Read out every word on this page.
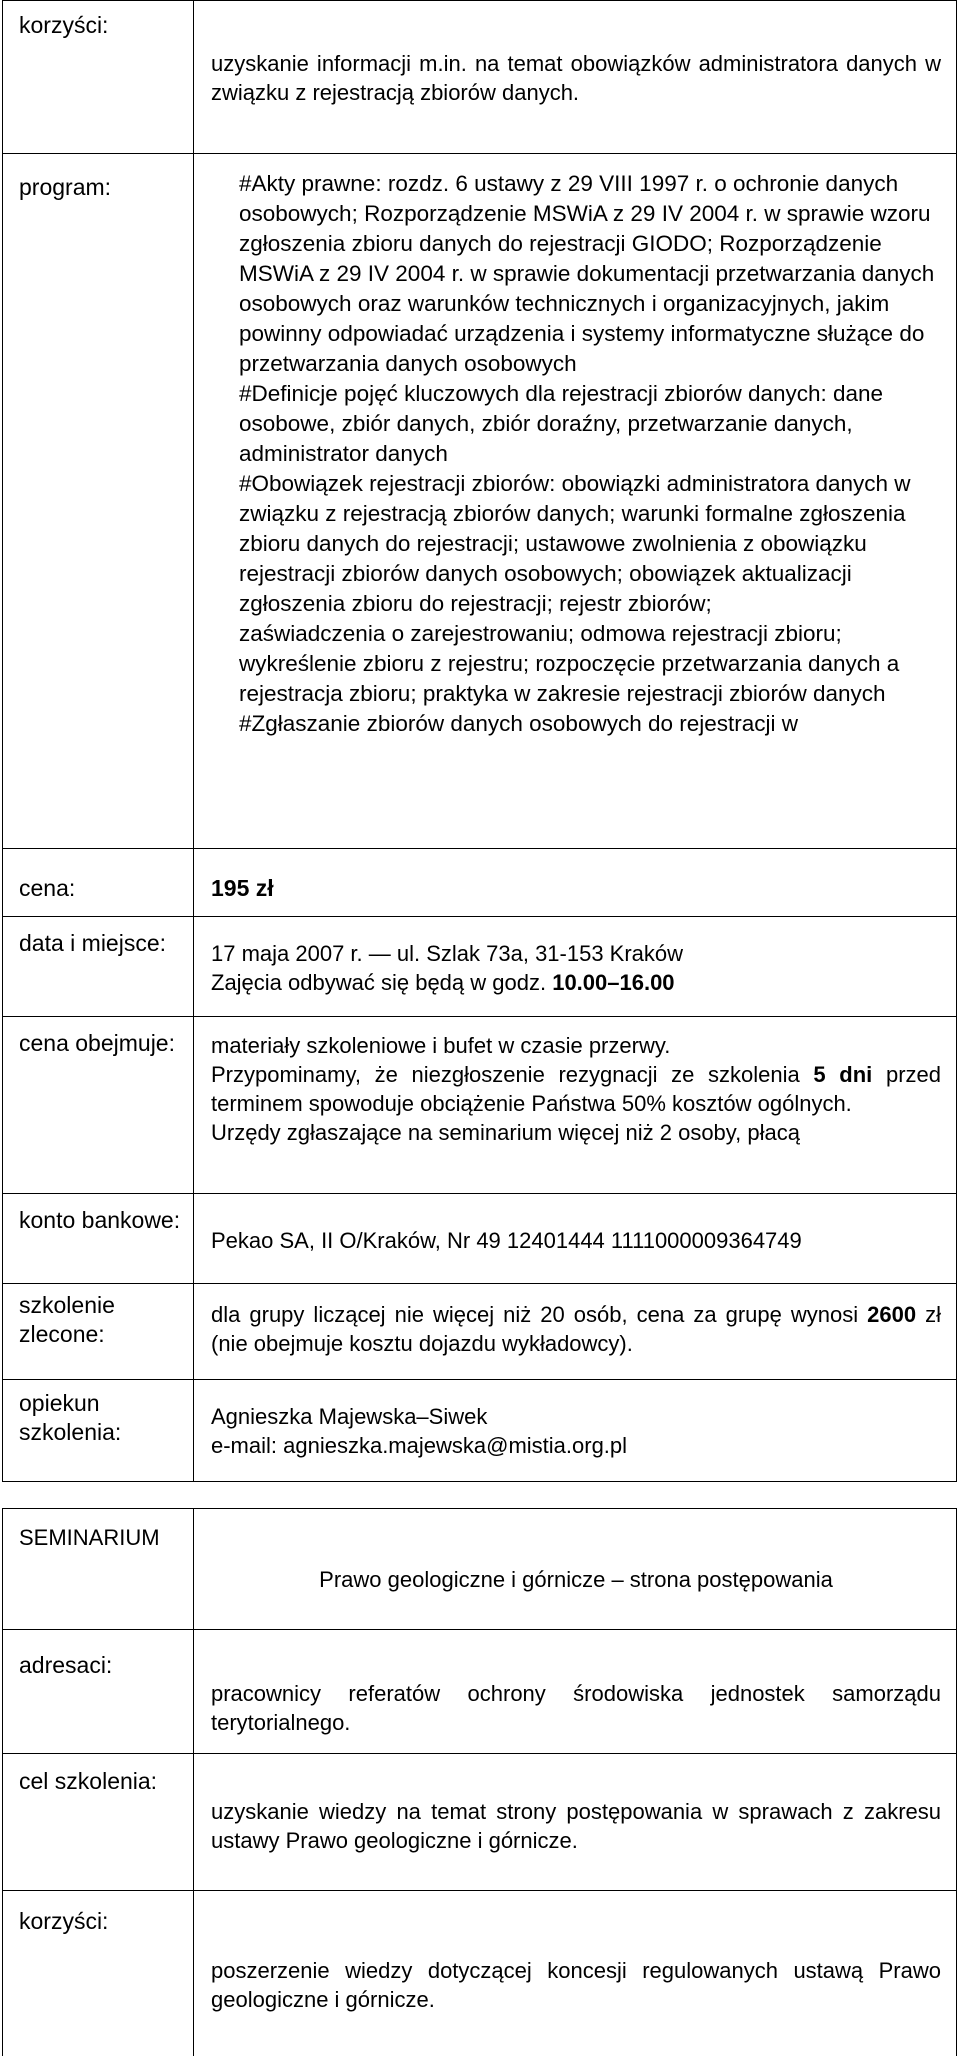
korzyści:
uzyskanie informacji m.in. na temat obowiązków administratora danych w związku z rejestracją zbiorów danych.
program:	#Akty prawne: rozdz. 6 ustawy z 29 VIII 1997 r. o ochronie danych osobowych; Rozporządzenie MSWiA z 29 IV 2004 r. w sprawie wzoru zgłoszenia zbioru danych do rejestracji GIODO; Rozporządzenie MSWiA z 29 IV 2004 r. w sprawie dokumentacji przetwarzania danych osobowych oraz warunków technicznych i organizacyjnych, jakim powinny odpowiadać urządzenia i systemy informatyczne służące do przetwarzania danych osobowych

#Definicje pojęć kluczowych dla rejestracji zbiorów danych: dane osobowe, zbiór danych, zbiór doraźny, przetwarzanie danych, administrator danych

#Obowiązek rejestracji zbiorów: obowiązki administratora danych w związku z rejestracją zbiorów danych; warunki formalne zgłoszenia zbioru danych do rejestracji; ustawowe zwolnienia z obowiązku rejestracji zbiorów danych osobowych; obowiązek aktualizacji zgłoszenia zbioru do rejestracji; rejestr zbiorów;

zaświadczenia o zarejestrowaniu; odmowa rejestracji zbioru; wykreślenie zbioru z rejestru; rozpoczęcie przetwarzania danych a rejestracja zbioru; praktyka w zakresie rejestracji zbiorów danych

#Zgłaszanie zbiorów danych osobowych do rejestracji w

cena:	195 zł
data i miejsce:	17 maja 2007 r. — ul. Szlak 73a, 31-153 Kraków

Zajęcia odbywać się będą w godz. 10.00–16.00

cena obejmuje:	materiały szkoleniowe i bufet w czasie przerwy.

Przypominamy, że niezgłoszenie rezygnacji ze szkolenia 5 dni przed terminem spowoduje obciążenie Państwa 50% kosztów ogólnych.

Urzędy zgłaszające na seminarium więcej niż 2 osoby, płacą

konto bankowe:
Pekao SA, II O/Kraków, Nr 49 12401444 1111000009364749
szkolenie zlecone:
dla grupy liczącej nie więcej niż 20 osób, cena za grupę wynosi 2600 zł (nie obejmuje kosztu dojazdu wykładowcy).
opiekun szkolenia:

Agnieszka Majewska–Siwek

e-mail: agnieszka.majewska@mistia.org.pl

SEMINARIUM
Prawo geologiczne i górnicze – strona postępowania
adresaci:
pracownicy referatów ochrony środowiska jednostek samorządu terytorialnego.
cel szkolenia:
uzyskanie wiedzy na temat strony postępowania w sprawach z zakresu ustawy Prawo geologiczne i górnicze.
korzyści:
poszerzenie wiedzy dotyczącej koncesji regulowanych ustawą Prawo geologiczne i górnicze.
